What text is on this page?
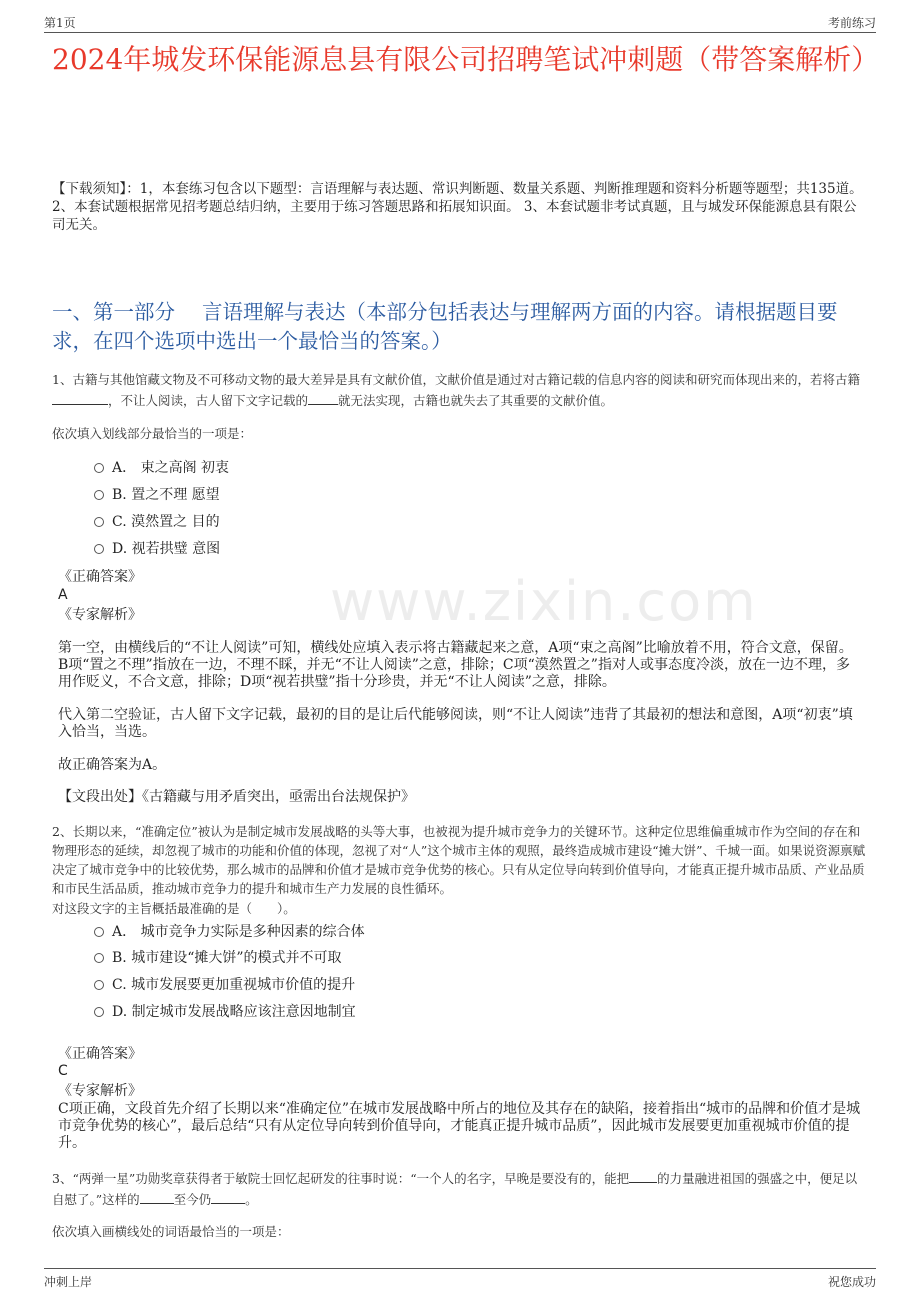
第1页	考前练习
www.zixin.com
2024年城发环保能源息县有限公司招聘笔试冲刺题（带答案解析）
【下载须知】：1，本套练习包含以下题型：言语理解与表达题、常识判断题、数量关系题、判断推理题和资料分析题等题型；共135道。 2、本套试题根据常见招考题总结归纳，主要用于练习答题思路和拓展知识面。 3、本套试题非考试真题，且与城发环保能源息县有限公司无关。
一、第一部分　 言语理解与表达（本部分包括表达与理解两方面的内容。请根据题目要求，在四个选项中选出一个最恰当的答案。）
1、古籍与其他馆藏文物及不可移动文物的最大差异是具有文献价值，文献价值是通过对古籍记载的信息内容的阅读和研究而体现出来的，若将古籍，不让人阅读，古人留下文字记载的 就无法实现，古籍也就失去了其重要的文献价值。
依次填入划线部分最恰当的一项是：
A． 束之高阁 初衷
B. 置之不理 愿望
C. 漠然置之 目的
D. 视若拱璧 意图
《正确答案》
A
《专家解析》
第一空，由横线后的“不让人阅读”可知，横线处应填入表示将古籍藏起来之意，A项“束之高阁”比喻放着不用，符合文意，保留。B项“置之不理”指放在一边，不理不睬，并无“不让人阅读”之意，排除；C项“漠然置之”指对人或事态度冷淡，放在一边不理，多用作贬义，不合文意，排除；D项“视若拱璧”指十分珍贵，并无“不让人阅读”之意，排除。
代入第二空验证，古人留下文字记载，最初的目的是让后代能够阅读，则“不让人阅读”违背了其最初的想法和意图，A项“初衷”填入恰当，当选。
故正确答案为A。
【文段出处】《古籍藏与用矛盾突出，亟需出台法规保护》
2、长期以来，“准确定位”被认为是制定城市发展战略的头等大事，也被视为提升城市竞争力的关键环节。这种定位思维偏重城市作为空间的存在和物理形态的延续，却忽视了城市的功能和价值的体现，忽视了对“人”这个城市主体的观照，最终造成城市建设“摊大饼”、千城一面。如果说资源禀赋决定了城市竞争中的比较优势，那么城市的品牌和价值才是城市竞争优势的核心。只有从定位导向转到价值导向，才能真正提升城市品质、产业品质和市民生活品质，推动城市竞争力的提升和城市生产力发展的良性循环。
对这段文字的主旨概括最准确的是（　　）。
A． 城市竞争力实际是多种因素的综合体
B. 城市建设“摊大饼”的模式并不可取
C. 城市发展要更加重视城市价值的提升
D. 制定城市发展战略应该注意因地制宜
《正确答案》
C
《专家解析》
C项正确，文段首先介绍了长期以来“准确定位”在城市发展战略中所占的地位及其存在的缺陷，接着指出“城市的品牌和价值才是城市竞争优势的核心”，最后总结“只有从定位导向转到价值导向，才能真正提升城市品质”，因此城市发展要更加重视城市价值的提升。
3、“两弹一星”功勋奖章获得者于敏院士回忆起研发的往事时说：“一个人的名字，早晚是要没有的，能把 的力量融进祖国的强盛之中，便足以自慰了。”这样的	至今仍	。
依次填入画横线处的词语最恰当的一项是：
冲刺上岸	祝您成功
